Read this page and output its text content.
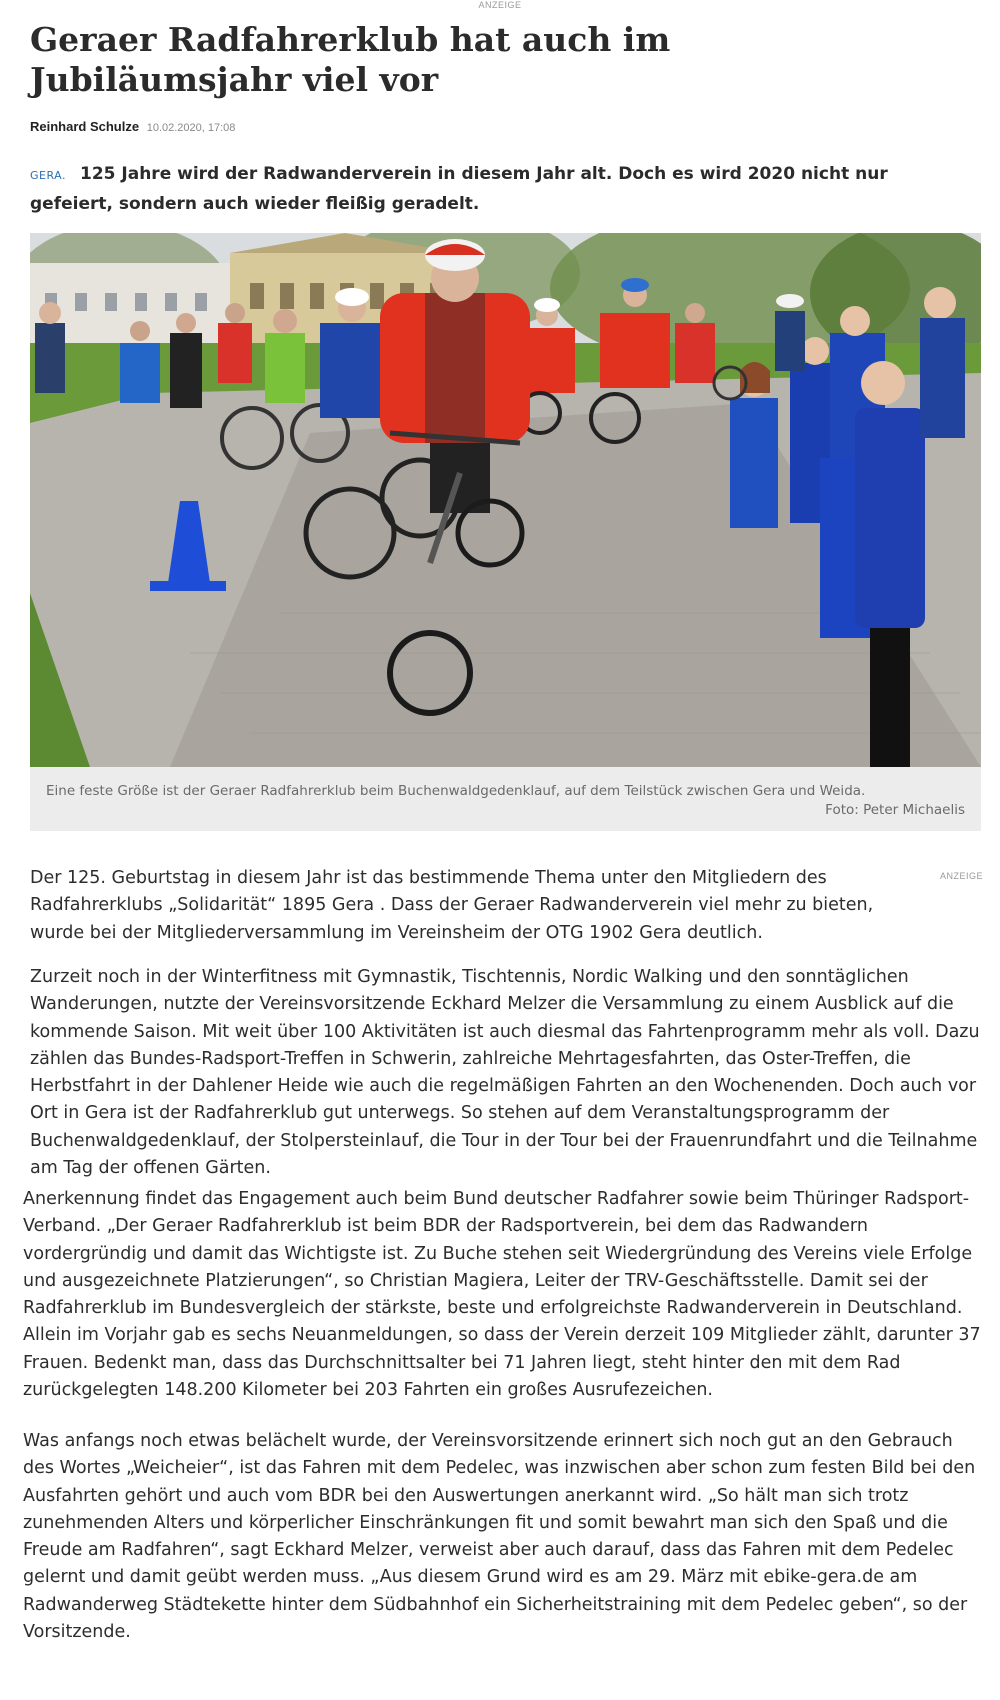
ANZEIGE
Geraer Radfahrerklub hat auch im Jubiläumsjahr viel vor
Reinhard Schulze 10.02.2020, 17:08

GERA. 125 Jahre wird der Radwanderverein in diesem Jahr alt. Doch es wird 2020 nicht nur gefeiert, sondern auch wieder fleißig geradelt.

Eine feste Größe ist der Geraer Radfahrerklub beim Buchenwaldgedenklauf, auf dem Teilstück zwischen Gera und Weida.
Foto: Peter Michaelis
ANZEIGE

Der 125. Geburtstag in diesem Jahr ist das bestimmende Thema unter den Mitgliedern des Radfahrerklubs „Solidarität“ 1895 Gera . Dass der Geraer Radwanderverein viel mehr zu bieten, wurde bei der Mitgliederversammlung im Vereinsheim der OTG 1902 Gera deutlich.

Zurzeit noch in der Winterfitness mit Gymnastik, Tischtennis, Nordic Walking und den sonntäglichen Wanderungen, nutzte der Vereinsvorsitzende Eckhard Melzer die Versammlung zu einem Ausblick auf die kommende Saison. Mit weit über 100 Aktivitäten ist auch diesmal das Fahrtenprogramm mehr als voll. Dazu zählen das Bundes-Radsport-Treffen in Schwerin, zahlreiche Mehrtagesfahrten, das Oster-Treffen, die Herbstfahrt in der Dahlener Heide wie auch die regelmäßigen Fahrten an den Wochenenden. Doch auch vor Ort in Gera ist der Radfahrerklub gut unterwegs. So stehen auf dem Veranstaltungsprogramm der Buchenwaldgedenklauf, der Stolpersteinlauf, die Tour in der Tour bei der Frauenrundfahrt und die Teilnahme am Tag der offenen Gärten.

Anerkennung findet das Engagement auch beim Bund deutscher Radfahrer sowie beim Thüringer Radsport-Verband. „Der Geraer Radfahrerklub ist beim BDR der Radsportverein, bei dem das Radwandern vordergründig und damit das Wichtigste ist. Zu Buche stehen seit Wiedergründung des Vereins viele Erfolge und ausgezeichnete Platzierungen“, so Christian Magiera, Leiter der TRV-Geschäftsstelle. Damit sei der Radfahrerklub im Bundesvergleich der stärkste, beste und erfolgreichste Radwanderverein in Deutschland. Allein im Vorjahr gab es sechs Neuanmeldungen, so dass der Verein derzeit 109 Mitglieder zählt, darunter 37 Frauen. Bedenkt man, dass das Durchschnittsalter bei 71 Jahren liegt, steht hinter den mit dem Rad zurückgelegten 148.200 Kilometer bei 203 Fahrten ein großes Ausrufezeichen.

Was anfangs noch etwas belächelt wurde, der Vereinsvorsitzende erinnert sich noch gut an den Gebrauch des Wortes „Weicheier“, ist das Fahren mit dem Pedelec, was inzwischen aber schon zum festen Bild bei den Ausfahrten gehört und auch vom BDR bei den Auswertungen anerkannt wird. „So hält man sich trotz zunehmenden Alters und körperlicher Einschränkungen fit und somit bewahrt man sich den Spaß und die Freude am Radfahren“, sagt Eckhard Melzer, verweist aber auch darauf, dass das Fahren mit dem Pedelec gelernt und damit geübt werden muss. „Aus diesem Grund wird es am 29. März mit ebike-gera.de am Radwanderweg Städtekette hinter dem Südbahnhof ein Sicherheitstraining mit dem Pedelec geben“, so der Vorsitzende.
